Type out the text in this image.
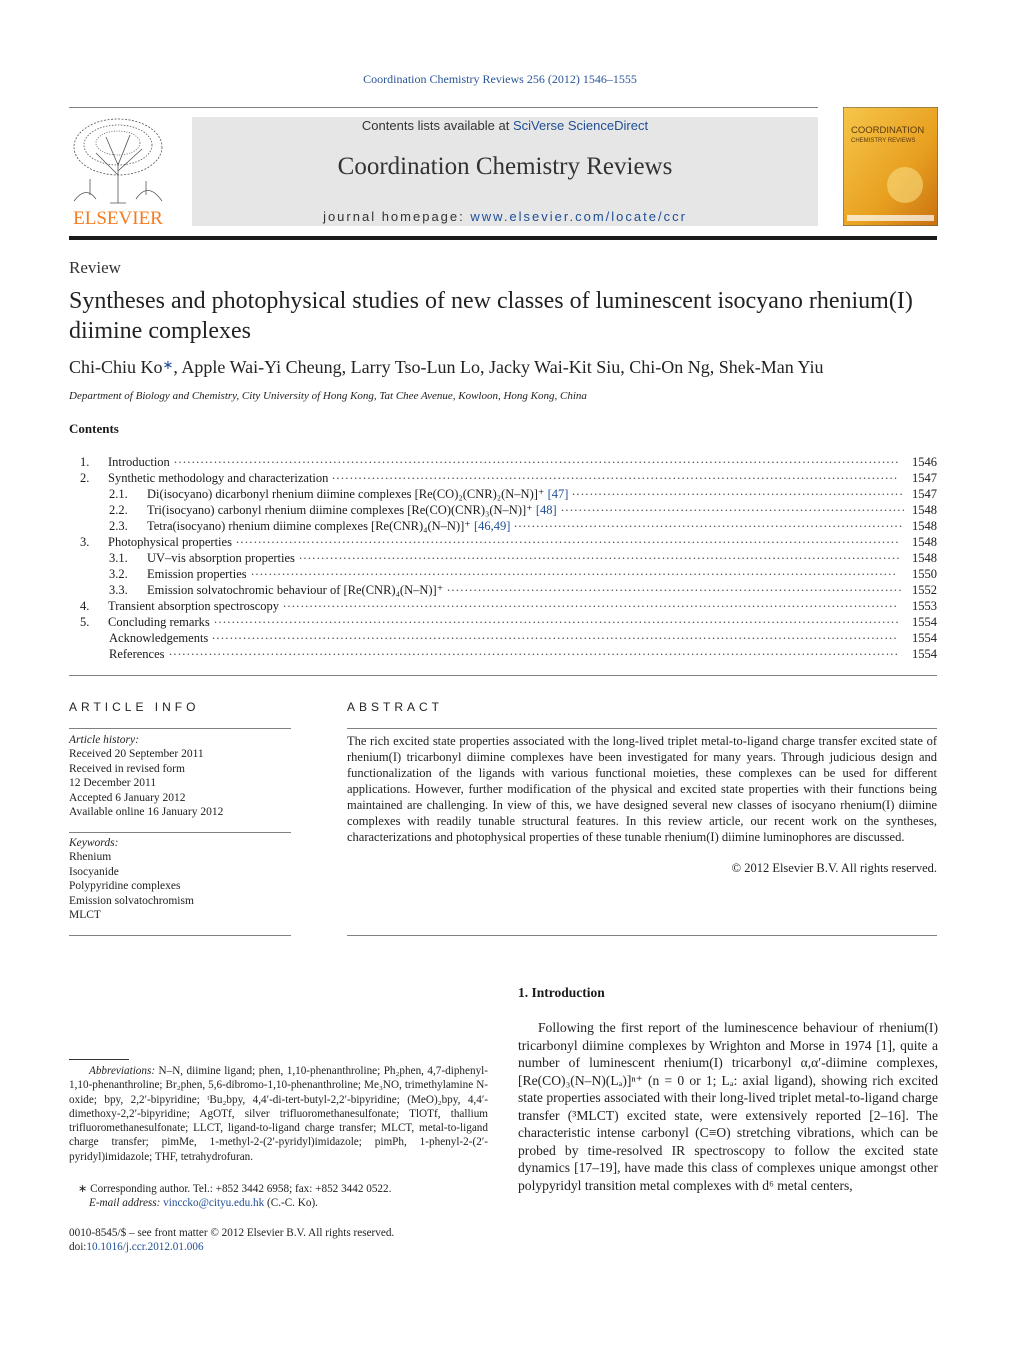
Coordination Chemistry Reviews 256 (2012) 1546–1555
ELSEVIER
Contents lists available at SciVerse ScienceDirect
Coordination Chemistry Reviews
journal homepage: www.elsevier.com/locate/ccr
COORDINATION
CHEMISTRY REVIEWS
Review
Syntheses and photophysical studies of new classes of luminescent isocyano rhenium(I) diimine complexes
Chi-Chiu Ko∗, Apple Wai-Yi Cheung, Larry Tso-Lun Lo, Jacky Wai-Kit Siu, Chi-On Ng, Shek-Man Yiu
Department of Biology and Chemistry, City University of Hong Kong, Tat Chee Avenue, Kowloon, Hong Kong, China
Contents
1. Introduction .................................................................................................................................................................... 1546
2. Synthetic methodology and characterization ................................................................................................................................	1547
2.1. Di(isocyano) dicarbonyl rhenium diimine complexes [Re(CO)₂(CNR)₂(N–N)]⁺ [47] ........................................................................... 1547
2.2. Tri(isocyano) carbonyl rhenium diimine complexes [Re(CO)(CNR)₃(N–N)]⁺ [48] .............................................................................. 1548
2.3. Tetra(isocyano) rhenium diimine complexes [Re(CNR)₄(N–N)]⁺ [46,49] ........................................................................................ 1548
3. Photophysical properties ...................................................................................................................................................... 1548
3.1. UV–vis absorption properties ........................................................................................................................................ 1548
3.2. Emission properties ..................................................................................................................................................	1550
3.3. Emission solvatochromic behaviour of [Re(CNR)₄(N–N)]⁺ ....................................................................................................... 1552
4. Transient absorption spectroscopy ...........................................................................................................................................	1553
5. Concluding remarks ........................................................................................................................................................... 1554
Acknowledgements ...........................................................................................................................................................	1554
References .....................................................................................................................................................................	1554
ARTICLE INFO
Article history:
Received 20 September 2011
Received in revised form
12 December 2011
Accepted 6 January 2012
Available online 16 January 2012
Keywords:
Rhenium
Isocyanide
Polypyridine complexes
Emission solvatochromism
MLCT
ABSTRACT
The rich excited state properties associated with the long-lived triplet metal-to-ligand charge transfer excited state of rhenium(I) tricarbonyl diimine complexes have been investigated for many years. Through judicious design and functionalization of the ligands with various functional moieties, these complexes can be used for different applications. However, further modification of the physical and excited state properties with their functions being maintained are challenging. In view of this, we have designed several new classes of isocyano rhenium(I) diimine complexes with readily tunable structural features. In this review article, our recent work on the syntheses, characterizations and photophysical properties of these tunable rhenium(I) diimine luminophores are discussed.
© 2012 Elsevier B.V. All rights reserved.
Abbreviations: N–N, diimine ligand; phen, 1,10-phenanthroline; Ph₂phen, 4,7-diphenyl-1,10-phenanthroline; Br₂phen, 5,6-dibromo-1,10-phenanthroline; Me₃NO, trimethylamine N-oxide; bpy, 2,2′-bipyridine; ᵗBu₂bpy, 4,4′-di-tert-butyl-2,2′-bipyridine; (MeO)₂bpy, 4,4′-dimethoxy-2,2′-bipyridine; AgOTf, silver trifluoromethanesulfonate; TlOTf, thallium trifluoromethanesulfonate; LLCT, ligand-to-ligand charge transfer; MLCT, metal-to-ligand charge transfer; pimMe, 1-methyl-2-(2′-pyridyl)imidazole; pimPh, 1-phenyl-2-(2′-pyridyl)imidazole; THF, tetrahydrofuran.
∗ Corresponding author. Tel.: +852 3442 6958; fax: +852 3442 0522.
E-mail address: vinccko@cityu.edu.hk (C.-C. Ko).
0010-8545/$ – see front matter © 2012 Elsevier B.V. All rights reserved.
doi:10.1016/j.ccr.2012.01.006
1. Introduction
Following the first report of the luminescence behaviour of rhenium(I) tricarbonyl diimine complexes by Wrighton and Morse in 1974 [1], quite a number of luminescent rhenium(I) tricarbonyl α,α′-diimine complexes, [Re(CO)₃(N–N)(Lₐ)]ⁿ⁺ (n = 0 or 1; Lₐ: axial ligand), showing rich excited state properties associated with their long-lived triplet metal-to-ligand charge transfer (³MLCT) excited state, were extensively reported [2–16]. The characteristic intense carbonyl (C≡O) stretching vibrations, which can be probed by time-resolved IR spectroscopy to follow the excited state dynamics [17–19], have made this class of complexes unique amongst other polypyridyl transition metal complexes with d⁶ metal centers,
